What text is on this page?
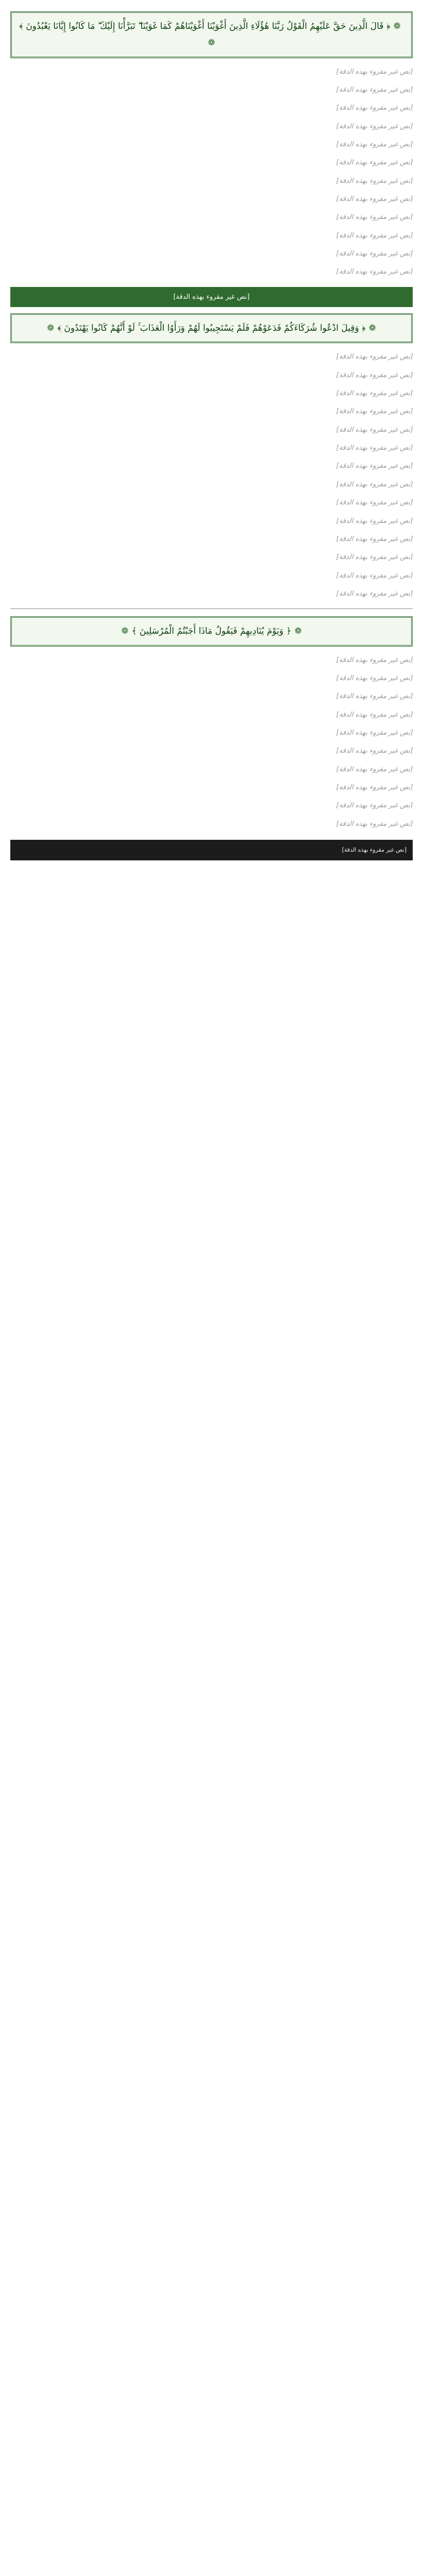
❁ ﴿ قَالَ الَّذِينَ حَقَّ عَلَيْهِمُ الْقَوْلُ رَبَّنَا هَٰؤُلَاءِ الَّذِينَ أَغْوَيْنَا أَغْوَيْنَاهُمْ كَمَا غَوَيْنَا ۖ تَبَرَّأْنَا إِلَيْكَ ۖ مَا كَانُوا إِيَّانَا يَعْبُدُونَ ﴾ ❁

[نص غير مقروء بهذه الدقة]

[نص غير مقروء بهذه الدقة]

[نص غير مقروء بهذه الدقة]

[نص غير مقروء بهذه الدقة]

[نص غير مقروء بهذه الدقة]

[نص غير مقروء بهذه الدقة]

[نص غير مقروء بهذه الدقة]

[نص غير مقروء بهذه الدقة]

[نص غير مقروء بهذه الدقة]

[نص غير مقروء بهذه الدقة]

[نص غير مقروء بهذه الدقة]

[نص غير مقروء بهذه الدقة]

[نص غير مقروء بهذه الدقة]
❁ ﴿ وَقِيلَ ادْعُوا شُرَكَاءَكُمْ فَدَعَوْهُمْ فَلَمْ يَسْتَجِيبُوا لَهُمْ وَرَأَوُا الْعَذَابَ ۚ لَوْ أَنَّهُمْ كَانُوا يَهْتَدُونَ ﴾ ❁

[نص غير مقروء بهذه الدقة]

[نص غير مقروء بهذه الدقة]

[نص غير مقروء بهذه الدقة]

[نص غير مقروء بهذه الدقة]

[نص غير مقروء بهذه الدقة]

[نص غير مقروء بهذه الدقة]

[نص غير مقروء بهذه الدقة]

[نص غير مقروء بهذه الدقة]

[نص غير مقروء بهذه الدقة]

[نص غير مقروء بهذه الدقة]

[نص غير مقروء بهذه الدقة]

[نص غير مقروء بهذه الدقة]

[نص غير مقروء بهذه الدقة]

[نص غير مقروء بهذه الدقة]

❁ ﴿ وَيَوْمَ يُنَادِيهِمْ فَيَقُولُ مَاذَا أَجَبْتُمُ الْمُرْسَلِينَ ﴾ ❁

[نص غير مقروء بهذه الدقة]

[نص غير مقروء بهذه الدقة]

[نص غير مقروء بهذه الدقة]

[نص غير مقروء بهذه الدقة]

[نص غير مقروء بهذه الدقة]

[نص غير مقروء بهذه الدقة]

[نص غير مقروء بهذه الدقة]

[نص غير مقروء بهذه الدقة]

[نص غير مقروء بهذه الدقة]

[نص غير مقروء بهذه الدقة]

[نص غير مقروء بهذه الدقة]
